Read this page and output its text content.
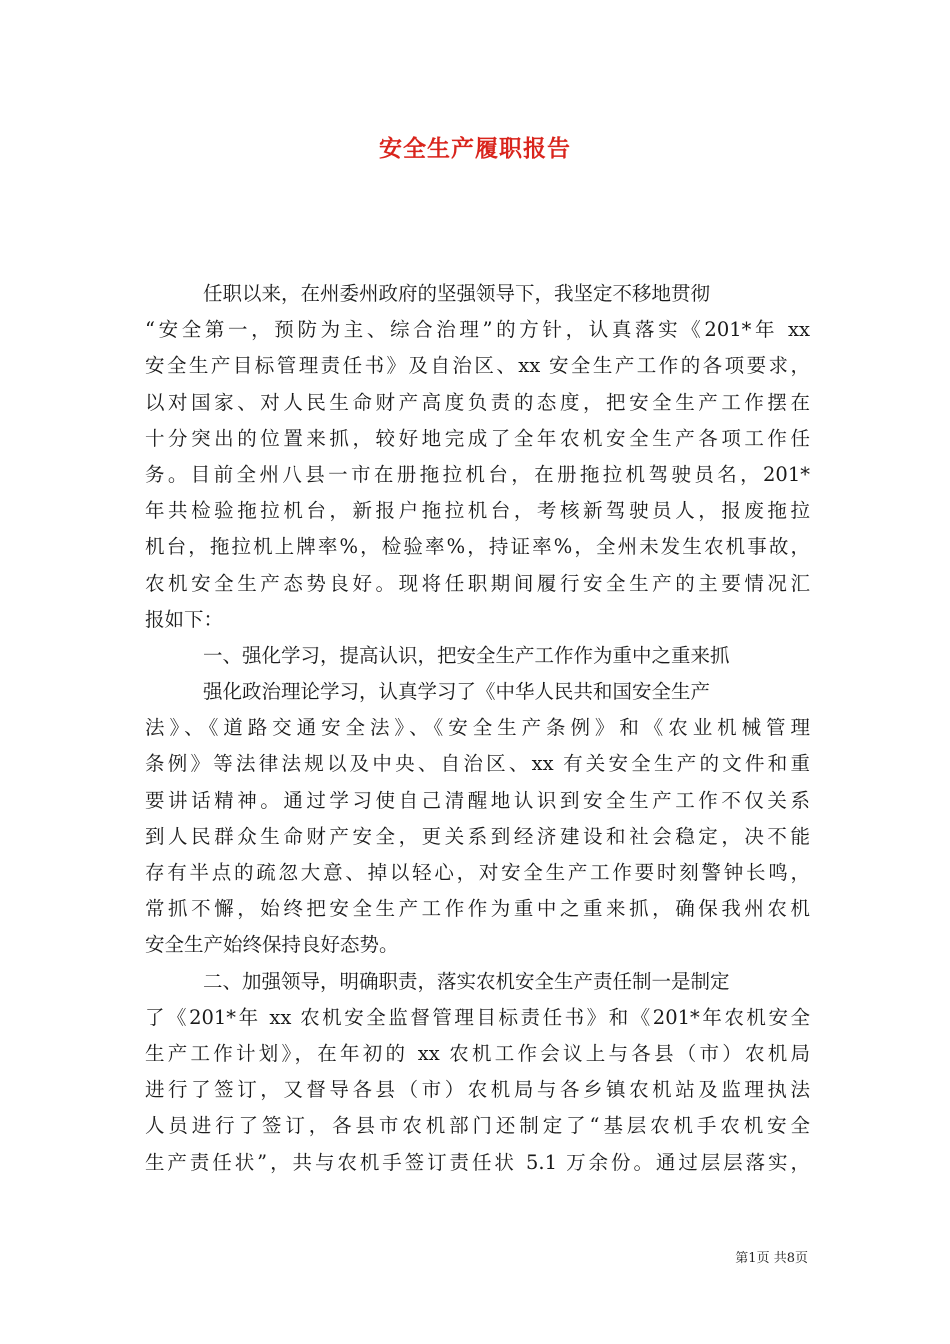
安全生产履职报告
任职以来，在州委州政府的坚强领导下，我坚定不移地贯彻
“安全第一，预防为主、综合治理”的方针，认真落实《201*年 xx
安全生产目标管理责任书》及自治区、xx 安全生产工作的各项要求，
以对国家、对人民生命财产高度负责的态度，把安全生产工作摆在
十分突出的位置来抓，较好地完成了全年农机安全生产各项工作任
务。目前全州八县一市在册拖拉机台，在册拖拉机驾驶员名，201*
年共检验拖拉机台，新报户拖拉机台，考核新驾驶员人，报废拖拉
机台，拖拉机上牌率%，检验率%，持证率%，全州未发生农机事故，
农机安全生产态势良好。现将任职期间履行安全生产的主要情况汇
报如下：
一、强化学习，提高认识，把安全生产工作作为重中之重来抓
强化政治理论学习，认真学习了《中华人民共和国安全生产
法》、《道路交通安全法》、《安全生产条例》和《农业机械管理
条例》等法律法规以及中央、自治区、xx 有关安全生产的文件和重
要讲话精神。通过学习使自己清醒地认识到安全生产工作不仅关系
到人民群众生命财产安全，更关系到经济建设和社会稳定，决不能
存有半点的疏忽大意、掉以轻心，对安全生产工作要时刻警钟长鸣，
常抓不懈，始终把安全生产工作作为重中之重来抓，确保我州农机
安全生产始终保持良好态势。
二、加强领导，明确职责，落实农机安全生产责任制一是制定
了《201*年 xx 农机安全监督管理目标责任书》和《201*年农机安全
生产工作计划》，在年初的 xx 农机工作会议上与各县（市）农机局
进行了签订，又督导各县（市）农机局与各乡镇农机站及监理执法
人员进行了签订，各县市农机部门还制定了“基层农机手农机安全
生产责任状”，共与农机手签订责任状 5.1 万余份。通过层层落实，
第1页 共8页
